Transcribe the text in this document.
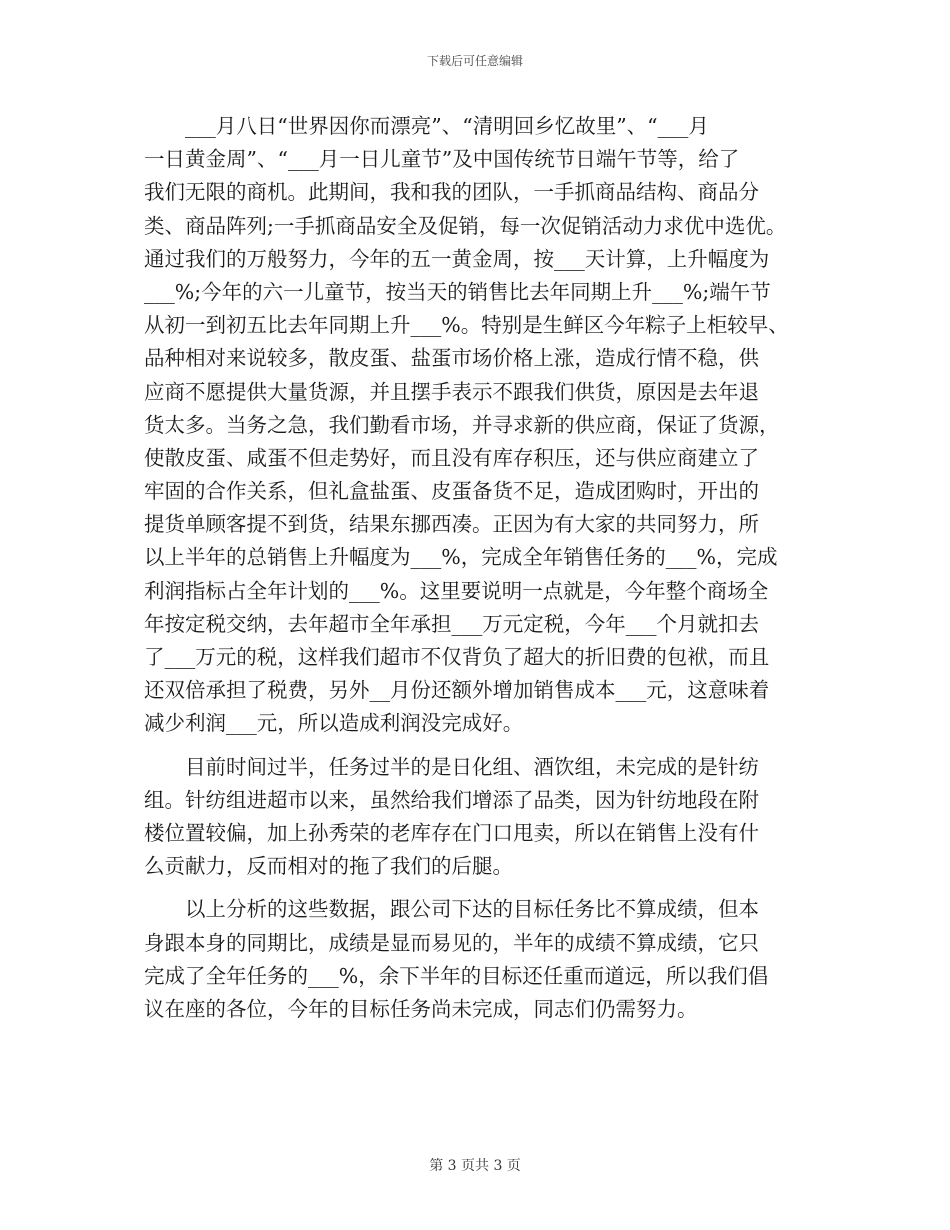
下载后可任意编辑
　　___月八日“世界因你而漂亮”、“清明回乡忆故里”、“___月
一日黄金周”、“___月一日儿童节”及中国传统节日端午节等，给了
我们无限的商机。此期间，我和我的团队，一手抓商品结构、商品分
类、商品阵列;一手抓商品安全及促销，每一次促销活动力求优中选优。
通过我们的万般努力，今年的五一黄金周，按___天计算，上升幅度为
___%;今年的六一儿童节，按当天的销售比去年同期上升___%;端午节
从初一到初五比去年同期上升___%。特别是生鲜区今年粽子上柜较早、
品种相对来说较多，散皮蛋、盐蛋市场价格上涨，造成行情不稳，供
应商不愿提供大量货源，并且摆手表示不跟我们供货，原因是去年退
货太多。当务之急，我们勤看市场，并寻求新的供应商，保证了货源，
使散皮蛋、咸蛋不但走势好，而且没有库存积压，还与供应商建立了
牢固的合作关系，但礼盒盐蛋、皮蛋备货不足，造成团购时，开出的
提货单顾客提不到货，结果东挪西凑。正因为有大家的共同努力，所
以上半年的总销售上升幅度为___%，完成全年销售任务的___%，完成
利润指标占全年计划的___%。这里要说明一点就是，今年整个商场全
年按定税交纳，去年超市全年承担___万元定税，今年___个月就扣去
了___万元的税，这样我们超市不仅背负了超大的折旧费的包袱，而且
还双倍承担了税费，另外__月份还额外增加销售成本___元，这意味着
减少利润___元，所以造成利润没完成好。
　　目前时间过半，任务过半的是日化组、酒饮组，未完成的是针纺
组。针纺组进超市以来，虽然给我们增添了品类，因为针纺地段在附
楼位置较偏，加上孙秀荣的老库存在门口甩卖，所以在销售上没有什
么贡献力，反而相对的拖了我们的后腿。
　　以上分析的这些数据，跟公司下达的目标任务比不算成绩，但本
身跟本身的同期比，成绩是显而易见的，半年的成绩不算成绩，它只
完成了全年任务的___%，余下半年的目标还任重而道远，所以我们倡
议在座的各位，今年的目标任务尚未完成，同志们仍需努力。
第 3 页共 3 页
